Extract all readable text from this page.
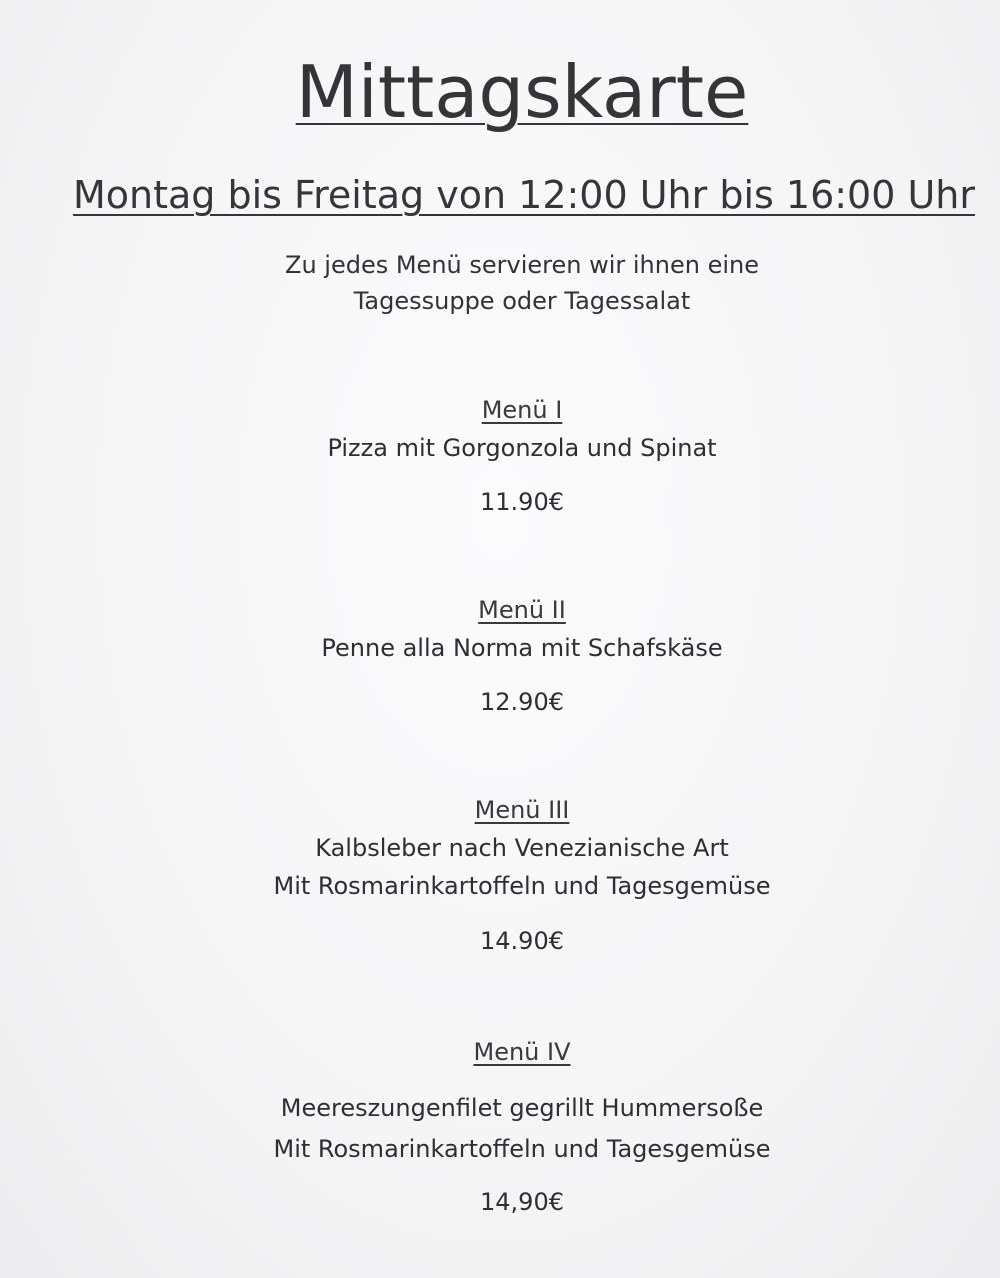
Mittagskarte
Montag bis Freitag von 12:00 Uhr bis 16:00 Uhr
Zu jedes Menü servieren wir ihnen eine
Tagessuppe oder Tagessalat
Menü I
Pizza mit Gorgonzola und Spinat
11.90€
Menü II
Penne alla Norma mit Schafskäse
12.90€
Menü III
Kalbsleber nach Venezianische Art
Mit Rosmarinkartoffeln und Tagesgemüse
14.90€
Menü IV
Meereszungenfilet gegrillt Hummersoße
Mit Rosmarinkartoffeln und Tagesgemüse
14,90€
